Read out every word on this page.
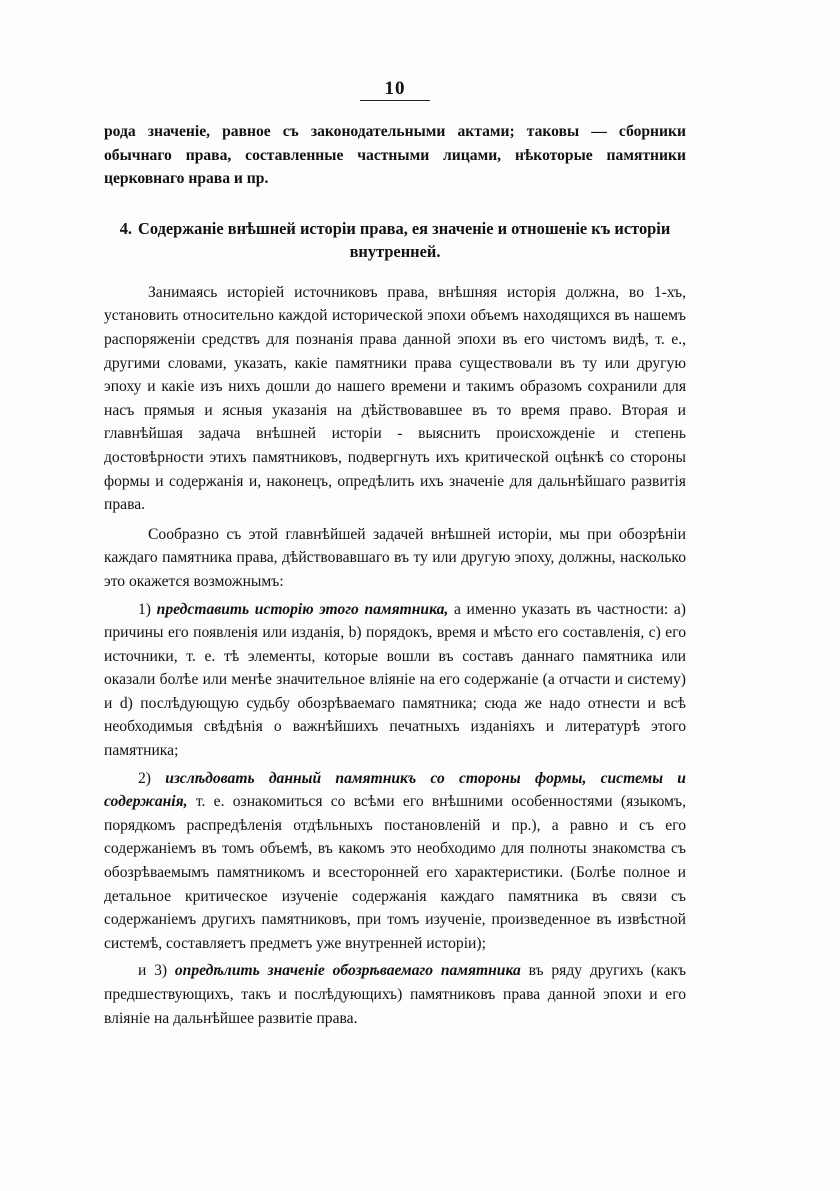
10

рода значеніе, равное съ законодательными актами; таковы — сборники обычнаго права, составленные частными лицами, нѣкоторые памятники церковнаго нрава и пр.

4. Содержаніе внѣшней исторіи права, ея значеніе и отношеніе къ исторіи внутренней.

Занимаясь исторіей источниковъ права, внѣшняя исторія должна, во 1-хъ, установить относительно каждой исторической эпохи объемъ находящихся въ нашемъ распоряженіи средствъ для познанія права данной эпохи въ его чистомъ видѣ, т. е., другими словами, указать, какіе памятники права существовали въ ту или другую эпоху и какіе изъ нихъ дошли до нашего времени и такимъ образомъ сохранили для насъ прямыя и ясныя указанія на дѣйствовавшее въ то время право. Вторая и главнѣйшая задача внѣшней исторіи - выяснить происхожденіе и степень достовѣрности этихъ памятниковъ, подвергнуть ихъ критической оцѣнкѣ со стороны формы и содержанія и, наконецъ, опредѣлить ихъ значеніе для дальнѣйшаго развитія права.

Сообразно съ этой главнѣйшей задачей внѣшней исторіи, мы при обозрѣніи каждаго памятника права, дѣйствовавшаго въ ту или другую эпоху, должны, насколько это окажется возможнымъ:

1) представить исторію этого памятника, а именно указать въ частности: а) причины его появленія или изданія, b) порядокъ, время и мѣсто его составленія, с) его источники, т. е. тѣ элементы, которые вошли въ составъ даннаго памятника или оказали болѣе или менѣе значительное вліяніе на его содержаніе (а отчасти и систему) и d) послѣдующую судьбу обозрѣваемаго памятника; сюда же надо отнести и всѣ необходимыя свѣдѣнія о важнѣйшихъ печатныхъ изданіяхъ и литературѣ этого памятника;

2) изслѣдовать данный памятникъ со стороны формы, системы и содержанія, т. е. ознакомиться со всѣми его внѣшними особенностями (языкомъ, порядкомъ распредѣленія отдѣльныхъ постановленій и пр.), а равно и съ его содержаніемъ въ томъ объемѣ, въ какомъ это необходимо для полноты знакомства съ обозрѣваемымъ памятникомъ и всесторонней его характеристики. (Болѣе полное и детальное критическое изученіе содержанія каждаго памятника въ связи съ содержаніемъ другихъ памятниковъ, при томъ изученіе, произведенное въ извѣстной системѣ, составляетъ предметъ уже внутренней исторіи);

и 3) опредѣлить значеніе обозрѣваемаго памятника въ ряду другихъ (какъ предшествующихъ, такъ и послѣдующихъ) памятниковъ права данной эпохи и его вліяніе на дальнѣйшее развитіе права.
